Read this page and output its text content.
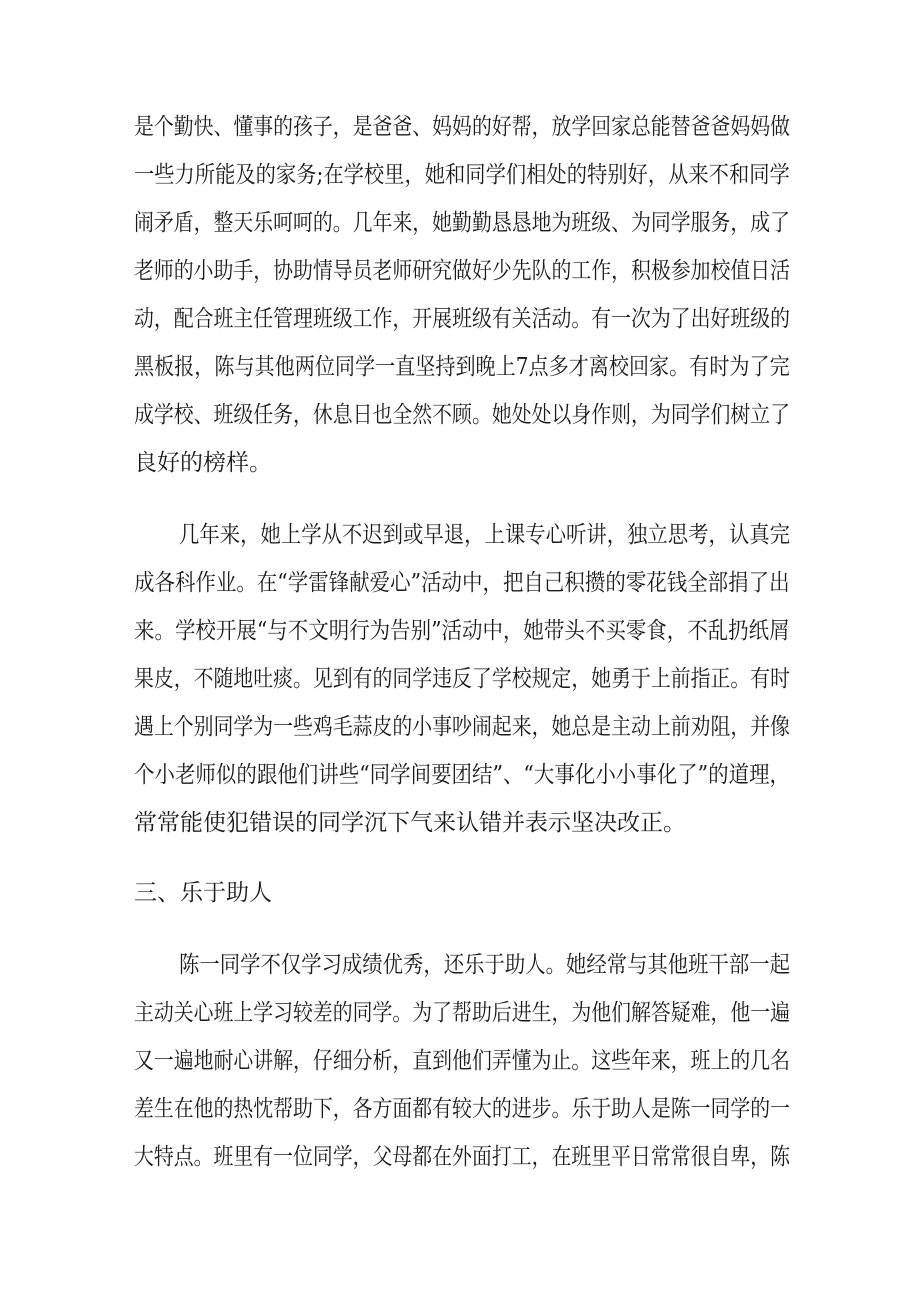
是个勤快、懂事的孩子，是爸爸、妈妈的好帮，放学回家总能替爸爸妈妈做
一些力所能及的家务;在学校里，她和同学们相处的特别好，从来不和同学
闹矛盾，整天乐呵呵的。几年来，她勤勤恳恳地为班级、为同学服务，成了
老师的小助手，协助情导员老师研究做好少先队的工作，积极参加校值日活
动，配合班主任管理班级工作，开展班级有关活动。有一次为了出好班级的
黑板报，陈与其他两位同学一直坚持到晚上7点多才离校回家。有时为了完
成学校、班级任务，休息日也全然不顾。她处处以身作则，为同学们树立了
良好的榜样。
几年来，她上学从不迟到或早退，上课专心听讲，独立思考，认真完
成各科作业。在“学雷锋献爱心”活动中，把自己积攒的零花钱全部捐了出
来。学校开展“与不文明行为告别”活动中，她带头不买零食，不乱扔纸屑
果皮，不随地吐痰。见到有的同学违反了学校规定，她勇于上前指正。有时
遇上个别同学为一些鸡毛蒜皮的小事吵闹起来，她总是主动上前劝阻，并像
个小老师似的跟他们讲些“同学间要团结”、“大事化小小事化了”的道理，
常常能使犯错误的同学沉下气来认错并表示坚决改正。
三、乐于助人
陈一同学不仅学习成绩优秀，还乐于助人。她经常与其他班干部一起
主动关心班上学习较差的同学。为了帮助后进生，为他们解答疑难，他一遍
又一遍地耐心讲解，仔细分析，直到他们弄懂为止。这些年来，班上的几名
差生在他的热忱帮助下，各方面都有较大的进步。乐于助人是陈一同学的一
大特点。班里有一位同学，父母都在外面打工，在班里平日常常很自卑，陈
